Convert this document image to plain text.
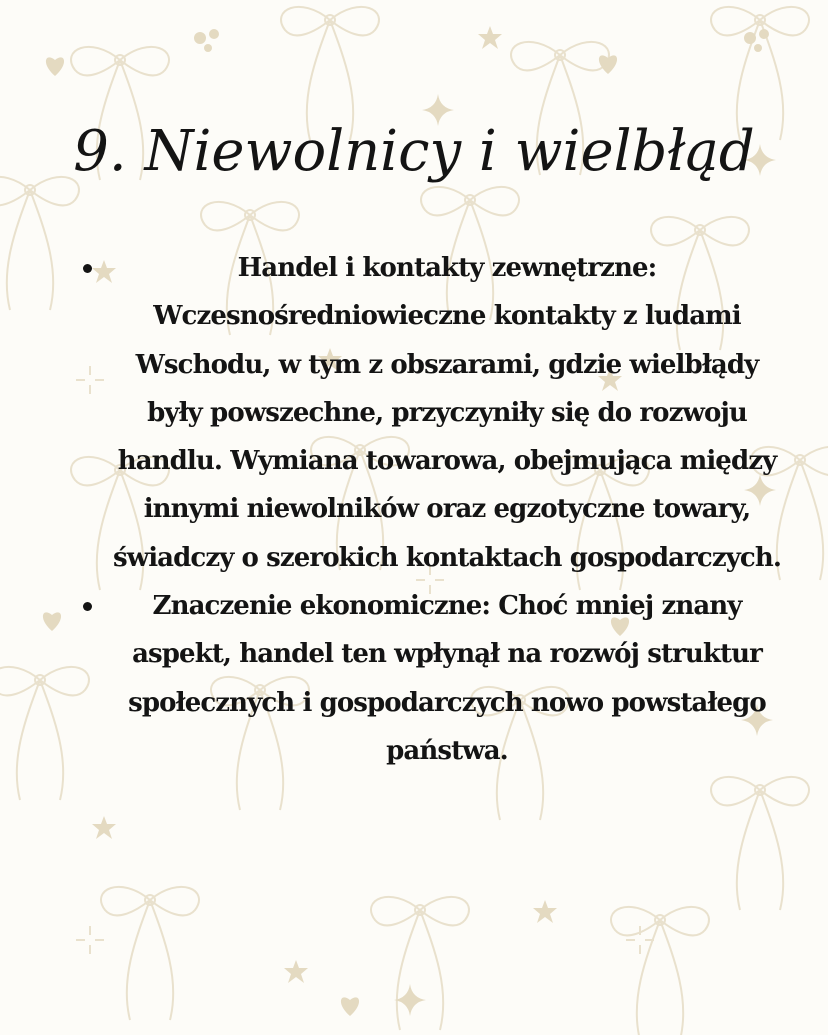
9. Niewolnicy i wielbłąd
Handel i kontakty zewnętrzne: Wczesnośredniowieczne kontakty z ludami Wschodu, w tym z obszarami, gdzie wielbłądy były powszechne, przyczyniły się do rozwoju handlu. Wymiana towarowa, obejmująca między innymi niewolników oraz egzotyczne towary, świadczy o szerokich kontaktach gospodarczych.
Znaczenie ekonomiczne: Choć mniej znany aspekt, handel ten wpłynął na rozwój struktur społecznych i gospodarczych nowo powstałego państwa.
